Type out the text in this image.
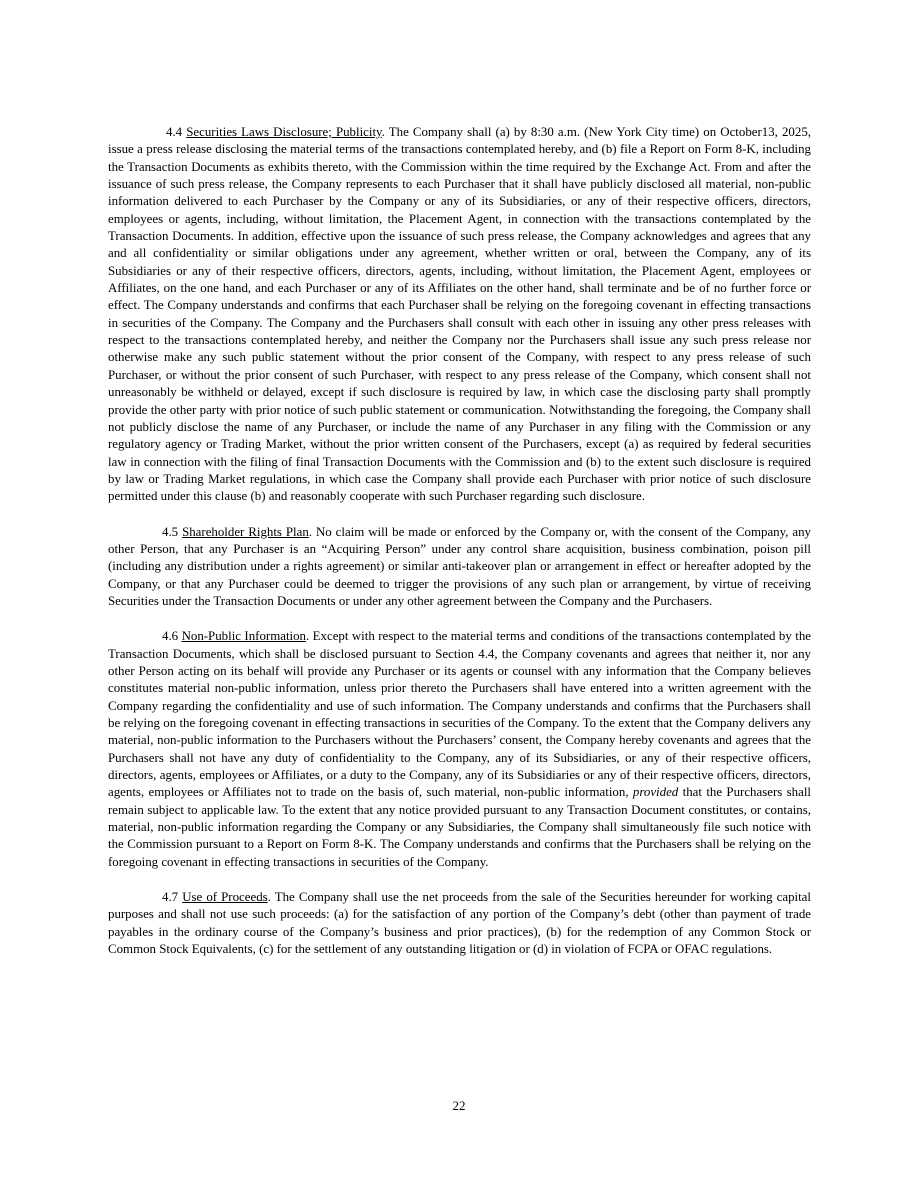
4.4 Securities Laws Disclosure; Publicity. The Company shall (a) by 8:30 a.m. (New York City time) on October13, 2025, issue a press release disclosing the material terms of the transactions contemplated hereby, and (b) file a Report on Form 8-K, including the Transaction Documents as exhibits thereto, with the Commission within the time required by the Exchange Act. From and after the issuance of such press release, the Company represents to each Purchaser that it shall have publicly disclosed all material, non-public information delivered to each Purchaser by the Company or any of its Subsidiaries, or any of their respective officers, directors, employees or agents, including, without limitation, the Placement Agent, in connection with the transactions contemplated by the Transaction Documents. In addition, effective upon the issuance of such press release, the Company acknowledges and agrees that any and all confidentiality or similar obligations under any agreement, whether written or oral, between the Company, any of its Subsidiaries or any of their respective officers, directors, agents, including, without limitation, the Placement Agent, employees or Affiliates, on the one hand, and each Purchaser or any of its Affiliates on the other hand, shall terminate and be of no further force or effect. The Company understands and confirms that each Purchaser shall be relying on the foregoing covenant in effecting transactions in securities of the Company. The Company and the Purchasers shall consult with each other in issuing any other press releases with respect to the transactions contemplated hereby, and neither the Company nor the Purchasers shall issue any such press release nor otherwise make any such public statement without the prior consent of the Company, with respect to any press release of such Purchaser, or without the prior consent of such Purchaser, with respect to any press release of the Company, which consent shall not unreasonably be withheld or delayed, except if such disclosure is required by law, in which case the disclosing party shall promptly provide the other party with prior notice of such public statement or communication. Notwithstanding the foregoing, the Company shall not publicly disclose the name of any Purchaser, or include the name of any Purchaser in any filing with the Commission or any regulatory agency or Trading Market, without the prior written consent of the Purchasers, except (a) as required by federal securities law in connection with the filing of final Transaction Documents with the Commission and (b) to the extent such disclosure is required by law or Trading Market regulations, in which case the Company shall provide each Purchaser with prior notice of such disclosure permitted under this clause (b) and reasonably cooperate with such Purchaser regarding such disclosure.

4.5 Shareholder Rights Plan. No claim will be made or enforced by the Company or, with the consent of the Company, any other Person, that any Purchaser is an “Acquiring Person” under any control share acquisition, business combination, poison pill (including any distribution under a rights agreement) or similar anti-takeover plan or arrangement in effect or hereafter adopted by the Company, or that any Purchaser could be deemed to trigger the provisions of any such plan or arrangement, by virtue of receiving Securities under the Transaction Documents or under any other agreement between the Company and the Purchasers.

4.6 Non-Public Information. Except with respect to the material terms and conditions of the transactions contemplated by the Transaction Documents, which shall be disclosed pursuant to Section 4.4, the Company covenants and agrees that neither it, nor any other Person acting on its behalf will provide any Purchaser or its agents or counsel with any information that the Company believes constitutes material non-public information, unless prior thereto the Purchasers shall have entered into a written agreement with the Company regarding the confidentiality and use of such information. The Company understands and confirms that the Purchasers shall be relying on the foregoing covenant in effecting transactions in securities of the Company. To the extent that the Company delivers any material, non-public information to the Purchasers without the Purchasers’ consent, the Company hereby covenants and agrees that the Purchasers shall not have any duty of confidentiality to the Company, any of its Subsidiaries, or any of their respective officers, directors, agents, employees or Affiliates, or a duty to the Company, any of its Subsidiaries or any of their respective officers, directors, agents, employees or Affiliates not to trade on the basis of, such material, non-public information, provided that the Purchasers shall remain subject to applicable law. To the extent that any notice provided pursuant to any Transaction Document constitutes, or contains, material, non-public information regarding the Company or any Subsidiaries, the Company shall simultaneously file such notice with the Commission pursuant to a Report on Form 8-K. The Company understands and confirms that the Purchasers shall be relying on the foregoing covenant in effecting transactions in securities of the Company.

4.7 Use of Proceeds. The Company shall use the net proceeds from the sale of the Securities hereunder for working capital purposes and shall not use such proceeds: (a) for the satisfaction of any portion of the Company’s debt (other than payment of trade payables in the ordinary course of the Company’s business and prior practices), (b) for the redemption of any Common Stock or Common Stock Equivalents, (c) for the settlement of any outstanding litigation or (d) in violation of FCPA or OFAC regulations.

22
